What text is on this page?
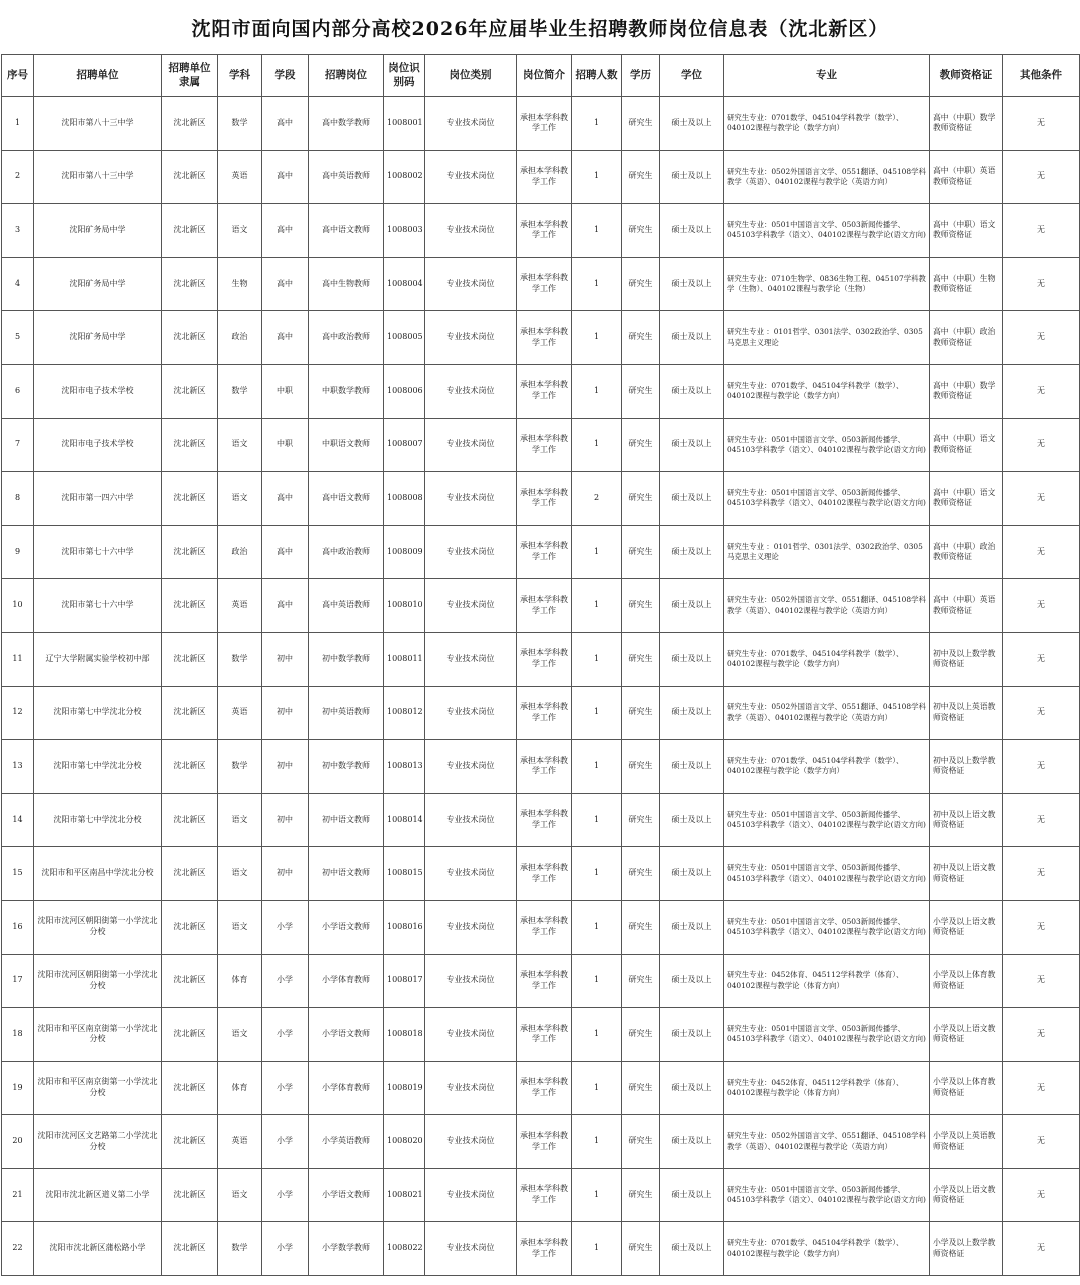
沈阳市面向国内部分高校2026年应届毕业生招聘教师岗位信息表（沈北新区）
序号	招聘单位	招聘单位隶属	学科	学段	招聘岗位	岗位识别码	岗位类别	岗位简介	招聘人数	学历	学位	专业	教师资格证	其他条件
1	沈阳市第八十三中学	沈北新区	数学	高中	高中数学教师	1008001	专业技术岗位	承担本学科教学工作	1	研究生	硕士及以上	研究生专业：0701数学、045104学科教学（数学）、040102课程与教学论（数学方向）	高中（中职）数学教师资格证	无
2	沈阳市第八十三中学	沈北新区	英语	高中	高中英语教师	1008002	专业技术岗位	承担本学科教学工作	1	研究生	硕士及以上	研究生专业：0502外国语言文学、0551翻译、045108学科教学（英语）、040102课程与教学论（英语方向）	高中（中职）英语教师资格证	无
3	沈阳矿务局中学	沈北新区	语文	高中	高中语文教师	1008003	专业技术岗位	承担本学科教学工作	1	研究生	硕士及以上	研究生专业：0501中国语言文学、0503新闻传播学、045103学科教学（语文）、040102课程与教学论(语文方向)	高中（中职）语文教师资格证	无
4	沈阳矿务局中学	沈北新区	生物	高中	高中生物教师	1008004	专业技术岗位	承担本学科教学工作	1	研究生	硕士及以上	研究生专业：0710生物学、0836生物工程、045107学科教学（生物）、040102课程与教学论（生物）	高中（中职）生物教师资格证	无
5	沈阳矿务局中学	沈北新区	政治	高中	高中政治教师	1008005	专业技术岗位	承担本学科教学工作	1	研究生	硕士及以上	研究生专业 ：0101哲学、0301法学、0302政治学、0305马克思主义理论	高中（中职）政治教师资格证	无
6	沈阳市电子技术学校	沈北新区	数学	中职	中职数学教师	1008006	专业技术岗位	承担本学科教学工作	1	研究生	硕士及以上	研究生专业：0701数学、045104学科教学（数学）、040102课程与教学论（数学方向）	高中（中职）数学教师资格证	无
7	沈阳市电子技术学校	沈北新区	语文	中职	中职语文教师	1008007	专业技术岗位	承担本学科教学工作	1	研究生	硕士及以上	研究生专业：0501中国语言文学、0503新闻传播学、045103学科教学（语文）、040102课程与教学论(语文方向)	高中（中职）语文教师资格证	无
8	沈阳市第一四六中学	沈北新区	语文	高中	高中语文教师	1008008	专业技术岗位	承担本学科教学工作	2	研究生	硕士及以上	研究生专业：0501中国语言文学、0503新闻传播学、045103学科教学（语文）、040102课程与教学论(语文方向)	高中（中职）语文教师资格证	无
9	沈阳市第七十六中学	沈北新区	政治	高中	高中政治教师	1008009	专业技术岗位	承担本学科教学工作	1	研究生	硕士及以上	研究生专业 ：0101哲学、0301法学、0302政治学、0305马克思主义理论	高中（中职）政治教师资格证	无
10	沈阳市第七十六中学	沈北新区	英语	高中	高中英语教师	1008010	专业技术岗位	承担本学科教学工作	1	研究生	硕士及以上	研究生专业：0502外国语言文学、0551翻译、045108学科教学（英语）、040102课程与教学论（英语方向）	高中（中职）英语教师资格证	无
11	辽宁大学附属实验学校初中部	沈北新区	数学	初中	初中数学教师	1008011	专业技术岗位	承担本学科教学工作	1	研究生	硕士及以上	研究生专业：0701数学、045104学科教学（数学）、040102课程与教学论（数学方向）	初中及以上数学教师资格证	无
12	沈阳市第七中学沈北分校	沈北新区	英语	初中	初中英语教师	1008012	专业技术岗位	承担本学科教学工作	1	研究生	硕士及以上	研究生专业：0502外国语言文学、0551翻译、045108学科教学（英语）、040102课程与教学论（英语方向）	初中及以上英语教师资格证	无
13	沈阳市第七中学沈北分校	沈北新区	数学	初中	初中数学教师	1008013	专业技术岗位	承担本学科教学工作	1	研究生	硕士及以上	研究生专业：0701数学、045104学科教学（数学）、040102课程与教学论（数学方向）	初中及以上数学教师资格证	无
14	沈阳市第七中学沈北分校	沈北新区	语文	初中	初中语文教师	1008014	专业技术岗位	承担本学科教学工作	1	研究生	硕士及以上	研究生专业：0501中国语言文学、0503新闻传播学、045103学科教学（语文）、040102课程与教学论(语文方向)	初中及以上语文教师资格证	无
15	沈阳市和平区南昌中学沈北分校	沈北新区	语文	初中	初中语文教师	1008015	专业技术岗位	承担本学科教学工作	1	研究生	硕士及以上	研究生专业：0501中国语言文学、0503新闻传播学、045103学科教学（语文）、040102课程与教学论(语文方向)	初中及以上语文教师资格证	无
16	沈阳市沈河区朝阳街第一小学沈北分校	沈北新区	语文	小学	小学语文教师	1008016	专业技术岗位	承担本学科教学工作	1	研究生	硕士及以上	研究生专业：0501中国语言文学、0503新闻传播学、045103学科教学（语文）、040102课程与教学论(语文方向)	小学及以上语文教师资格证	无
17	沈阳市沈河区朝阳街第一小学沈北分校	沈北新区	体育	小学	小学体育教师	1008017	专业技术岗位	承担本学科教学工作	1	研究生	硕士及以上	研究生专业：0452体育、045112学科教学（体育）、040102课程与教学论（体育方向）	小学及以上体育教师资格证	无
18	沈阳市和平区南京街第一小学沈北分校	沈北新区	语文	小学	小学语文教师	1008018	专业技术岗位	承担本学科教学工作	1	研究生	硕士及以上	研究生专业：0501中国语言文学、0503新闻传播学、045103学科教学（语文）、040102课程与教学论(语文方向)	小学及以上语文教师资格证	无
19	沈阳市和平区南京街第一小学沈北分校	沈北新区	体育	小学	小学体育教师	1008019	专业技术岗位	承担本学科教学工作	1	研究生	硕士及以上	研究生专业：0452体育、045112学科教学（体育）、040102课程与教学论（体育方向）	小学及以上体育教师资格证	无
20	沈阳市沈河区文艺路第二小学沈北分校	沈北新区	英语	小学	小学英语教师	1008020	专业技术岗位	承担本学科教学工作	1	研究生	硕士及以上	研究生专业：0502外国语言文学、0551翻译、045108学科教学（英语）、040102课程与教学论（英语方向）	小学及以上英语教师资格证	无
21	沈阳市沈北新区道义第二小学	沈北新区	语文	小学	小学语文教师	1008021	专业技术岗位	承担本学科教学工作	1	研究生	硕士及以上	研究生专业：0501中国语言文学、0503新闻传播学、045103学科教学（语文）、040102课程与教学论(语文方向)	小学及以上语文教师资格证	无
22	沈阳市沈北新区蒲松路小学	沈北新区	数学	小学	小学数学教师	1008022	专业技术岗位	承担本学科教学工作	1	研究生	硕士及以上	研究生专业：0701数学、045104学科教学（数学）、040102课程与教学论（数学方向）	小学及以上数学教师资格证	无
